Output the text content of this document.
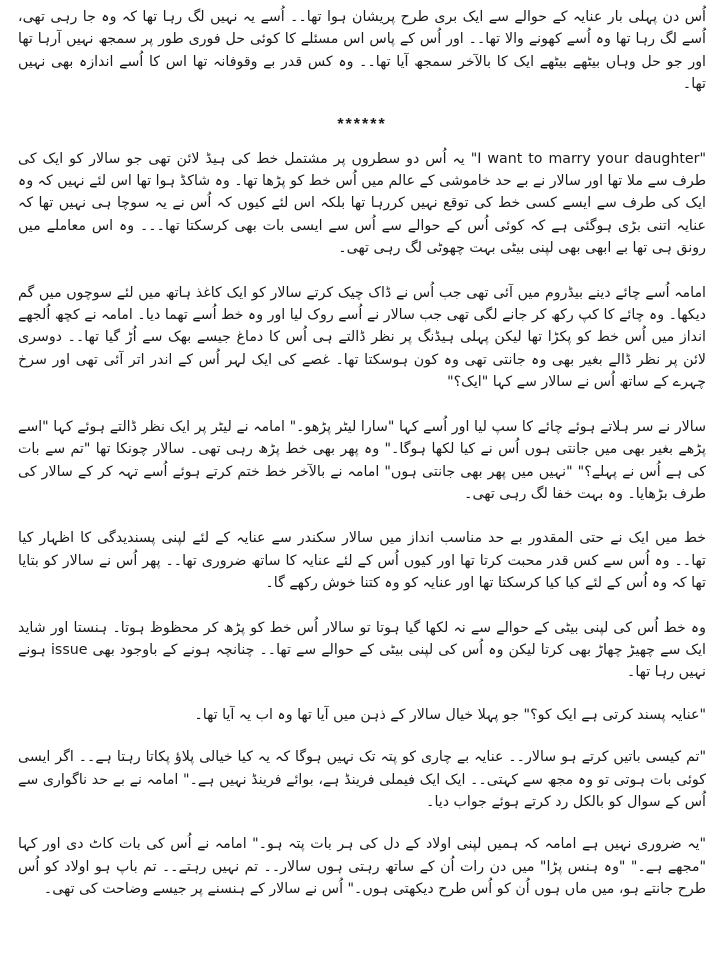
اُس دن پہلی بار عنایہ کے حوالے سے ایک بری طرح پریشان ہوا تھا۔۔ اُسے یہ نہیں لگ رہا تھا کہ وہ جا رہی تھی، اُسے لگ رہا تھا وہ اُسے کھونے والا تھا۔۔ اور اُس کے پاس اس مسئلے کا کوئی حل فوری طور پر سمجھ نہیں آرہا تھا اور جو حل وہاں بیٹھے بیٹھے ایک کا بالآخر سمجھ آیا تھا۔۔ وہ کس قدر بے وقوفانہ تھا اس کا اُسے اندازہ بھی نہیں تھا۔

******

"I want to marry your daughter" یہ اُس دو سطروں پر مشتمل خط کی ہیڈ لائن تھی جو سالار کو ایک کی طرف سے ملا تھا اور سالار نے بے حد خاموشی کے عالم میں اُس خط کو پڑھا تھا۔ وہ شاکڈ ہوا تھا اس لئے نہیں کہ وہ ایک کی طرف سے ایسے کسی خط کی توقع نہیں کررہا تھا بلکہ اس لئے کیوں کہ اُس نے یہ سوچا ہی نہیں تھا کہ عنایہ اتنی بڑی ہوگئی ہے کہ کوئی اُس کے حوالے سے اُس سے ایسی بات بھی کرسکتا تھا۔۔۔ وہ اس معاملے میں رونق ہی تھا بے ابھی بھی لپنی بیٹی بہت چھوٹی لگ رہی تھی۔

امامہ اُسے چائے دینے بیڈروم میں آئی تھی جب اُس نے ڈاک چیک کرتے سالار کو ایک کاغذ ہاتھ میں لئے سوچوں میں گم دیکھا۔ وہ چائے کا کپ رکھ کر جانے لگی تھی جب سالار نے اُسے روک لیا اور وہ خط اُسے تھما دیا۔ امامہ نے کچھ اُلجھے انداز میں اُس خط کو پکڑا تھا لیکن پہلی ہیڈنگ پر نظر ڈالتے ہی اُس کا دماغ جیسے بھک سے اُڑ گیا تھا۔۔ دوسری لائن پر نظر ڈالے بغیر بھی وہ جانتی تھی وہ کون ہوسکتا تھا۔ غصے کی ایک لہر اُس کے اندر اتر آئی تھی اور سرخ چہرے کے ساتھ اُس نے سالار سے کہا "ایک؟"

سالار نے سر ہلاتے ہوئے چائے کا سپ لیا اور اُسے کہا "سارا لیٹر پڑھو۔" امامہ نے لیٹر پر ایک نظر ڈالتے ہوئے کہا "اسے پڑھے بغیر بھی میں جانتی ہوں اُس نے کیا لکھا ہوگا۔" وہ پھر بھی خط پڑھ رہی تھی۔ سالار چونکا تھا "تم سے بات کی ہے اُس نے پہلے؟" "نہیں میں پھر بھی جانتی ہوں" امامہ نے بالآخر خط ختم کرتے ہوئے اُسے تہہ کر کے سالار کی طرف بڑھایا۔ وہ بہت خفا لگ رہی تھی۔

خط میں ایک نے حتی المقدور بے حد مناسب انداز میں سالار سکندر سے عنایہ کے لئے لپنی پسندیدگی کا اظہار کیا تھا۔۔ وہ اُس سے کس قدر محبت کرتا تھا اور کیوں اُس کے لئے عنایہ کا ساتھ ضروری تھا۔۔ پھر اُس نے سالار کو بتایا تھا کہ وہ اُس کے لئے کیا کیا کرسکتا تھا اور عنایہ کو وہ کتنا خوش رکھے گا۔

وہ خط اُس کی لپنی بیٹی کے حوالے سے نہ لکھا گیا ہوتا تو سالار اُس خط کو پڑھ کر محظوظ ہوتا۔ ہنستا اور شاید ایک سے چھیڑ چھاڑ بھی کرتا لیکن وہ اُس کی لپنی بیٹی کے حوالے سے تھا۔۔ چنانچہ ہونے کے باوجود بھی issue ہونے نہیں رہا تھا۔

"عنایہ پسند کرتی ہے ایک کو؟" جو پہلا خیال سالار کے ذہن میں آیا تھا وہ اب یہ آیا تھا۔

"تم کیسی باتیں کرتے ہو سالار۔۔ عنایہ بے چاری کو پتہ تک نہیں ہوگا کہ یہ کیا خیالی پلاؤ پکاتا رہتا ہے۔۔ اگر ایسی کوئی بات ہوتی تو وہ مجھ سے کہتی۔۔ ایک ایک فیملی فرینڈ ہے، بوائے فرینڈ نہیں ہے۔" امامہ نے بے حد ناگواری سے اُس کے سوال کو بالکل رد کرتے ہوئے جواب دیا۔

"یہ ضروری نہیں ہے امامہ کہ ہمیں لپنی اولاد کے دل کی ہر بات پتہ ہو۔" امامہ نے اُس کی بات کاٹ دی اور کہا "مجھے ہے۔" "وہ ہنس پڑا" میں دن رات اُن کے ساتھ رہتی ہوں سالار۔۔ تم نہیں رہتے۔۔ تم باپ ہو اولاد کو اُس طرح جانتے ہو، میں ماں ہوں اُن کو اُس طرح دیکھتی ہوں۔" اُس نے سالار کے ہنسنے پر جیسے وضاحت کی تھی۔
